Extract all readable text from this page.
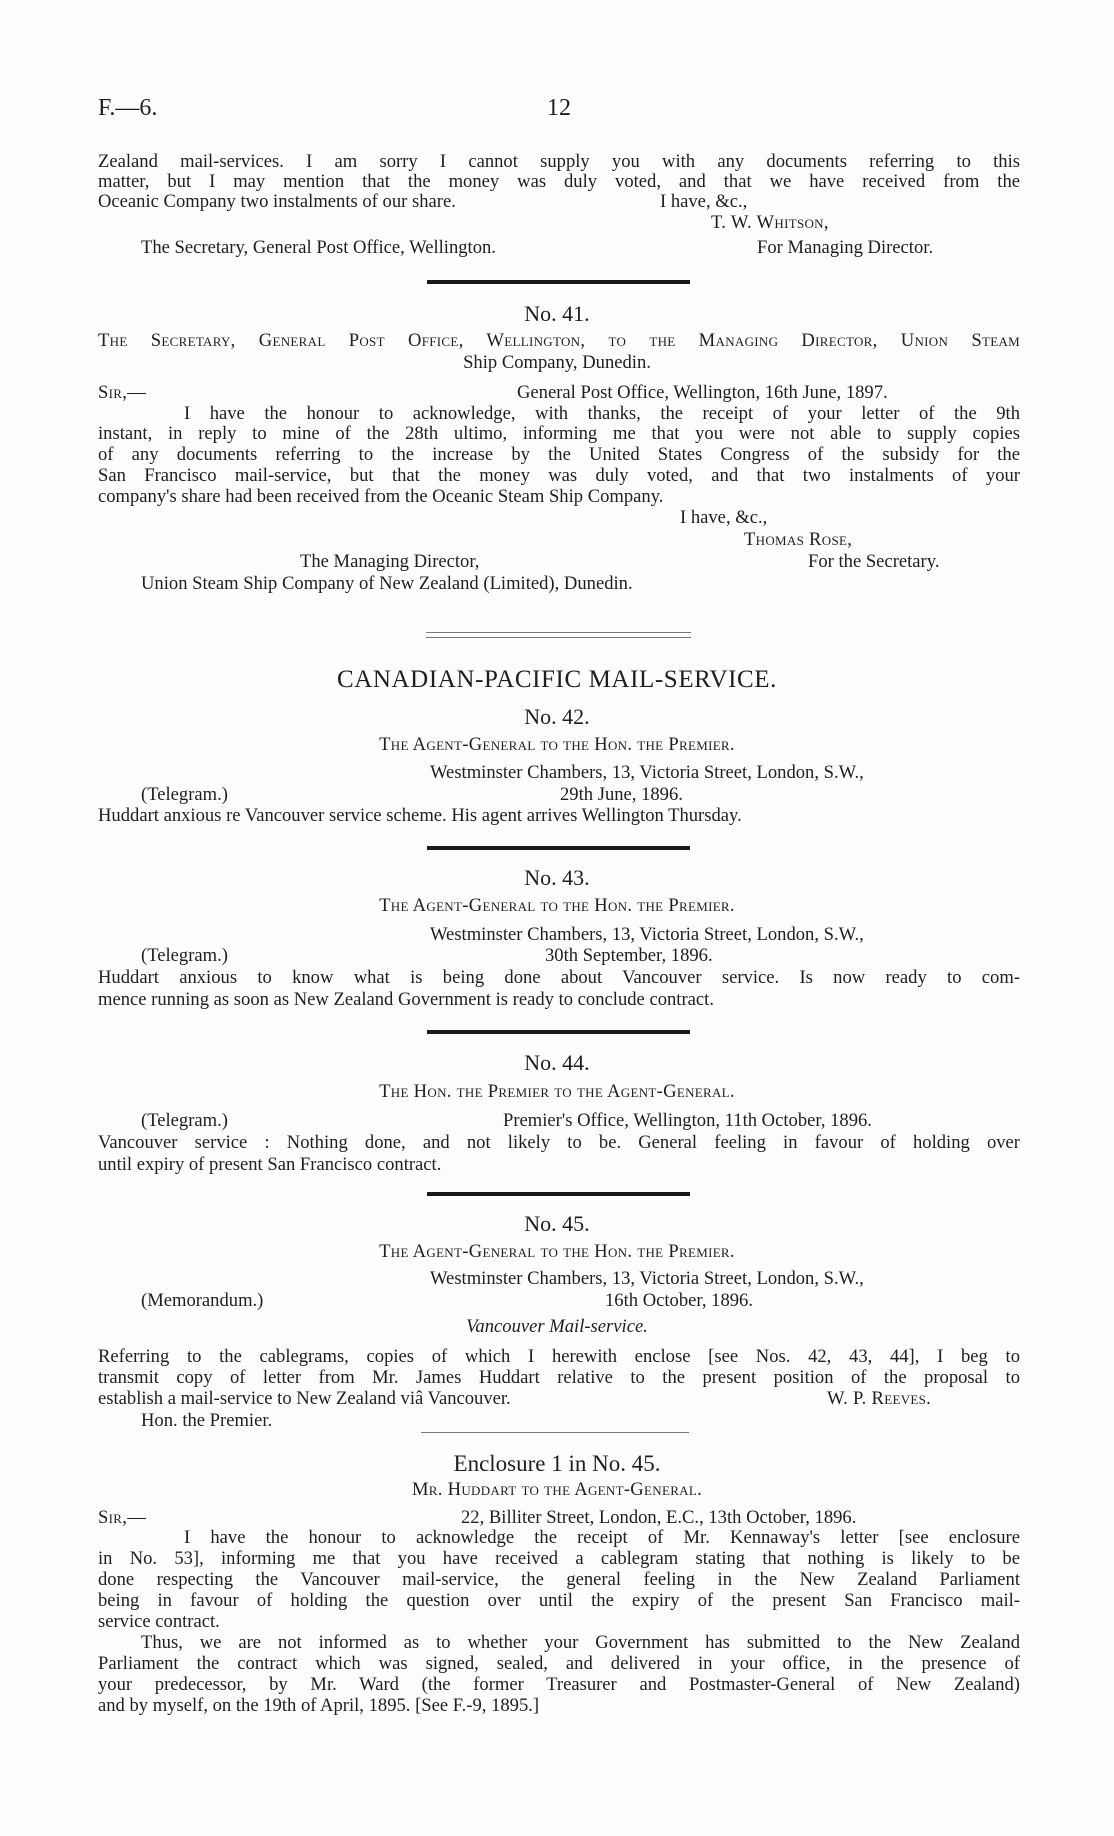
F.—6.	12
Zealand mail-services. I am sorry I cannot supply you with any documents referring to this
matter, but I may mention that the money was duly voted, and that we have received from the
Oceanic Company two instalments of our share.	I have, &c.,
T. W. Whitson,
The Secretary, General Post Office, Wellington.	For Managing Director.
No. 41.
The Secretary, General Post Office, Wellington, to the Managing Director, Union Steam
Ship Company, Dunedin.
Sir,—	General Post Office, Wellington, 16th June, 1897.
I have the honour to acknowledge, with thanks, the receipt of your letter of the 9th
instant, in reply to mine of the 28th ultimo, informing me that you were not able to supply copies
of any documents referring to the increase by the United States Congress of the subsidy for the
San Francisco mail-service, but that the money was duly voted, and that two instalments of your
company's share had been received from the Oceanic Steam Ship Company.
I have, &c.,
Thomas Rose,
The Managing Director,	For the Secretary.
Union Steam Ship Company of New Zealand (Limited), Dunedin.
CANADIAN-PACIFIC MAIL-SERVICE.
No. 42.
The Agent-General to the Hon. the Premier.
Westminster Chambers, 13, Victoria Street, London, S.W.,
(Telegram.)	29th June, 1896.
Huddart anxious re Vancouver service scheme. His agent arrives Wellington Thursday.
No. 43.
The Agent-General to the Hon. the Premier.
Westminster Chambers, 13, Victoria Street, London, S.W.,
(Telegram.)	30th September, 1896.
Huddart anxious to know what is being done about Vancouver service. Is now ready to com-
mence running as soon as New Zealand Government is ready to conclude contract.
No. 44.
The Hon. the Premier to the Agent-General.
(Telegram.)	Premier's Office, Wellington, 11th October, 1896.
Vancouver service : Nothing done, and not likely to be. General feeling in favour of holding over
until expiry of present San Francisco contract.
No. 45.
The Agent-General to the Hon. the Premier.
Westminster Chambers, 13, Victoria Street, London, S.W.,
(Memorandum.)	16th October, 1896.
Vancouver Mail-service.
Referring to the cablegrams, copies of which I herewith enclose [see Nos. 42, 43, 44], I beg to
transmit copy of letter from Mr. James Huddart relative to the present position of the proposal to
establish a mail-service to New Zealand viâ Vancouver.	W. P. Reeves.
Hon. the Premier.
Enclosure 1 in No. 45.
Mr. Huddart to the Agent-General.
Sir,—	22, Billiter Street, London, E.C., 13th October, 1896.
I have the honour to acknowledge the receipt of Mr. Kennaway's letter [see enclosure
in No. 53], informing me that you have received a cablegram stating that nothing is likely to be
done respecting the Vancouver mail-service, the general feeling in the New Zealand Parliament
being in favour of holding the question over until the expiry of the present San Francisco mail-
service contract.
Thus, we are not informed as to whether your Government has submitted to the New Zealand
Parliament the contract which was signed, sealed, and delivered in your office, in the presence of
your predecessor, by Mr. Ward (the former Treasurer and Postmaster-General of New Zealand)
and by myself, on the 19th of April, 1895. [See F.-9, 1895.]
